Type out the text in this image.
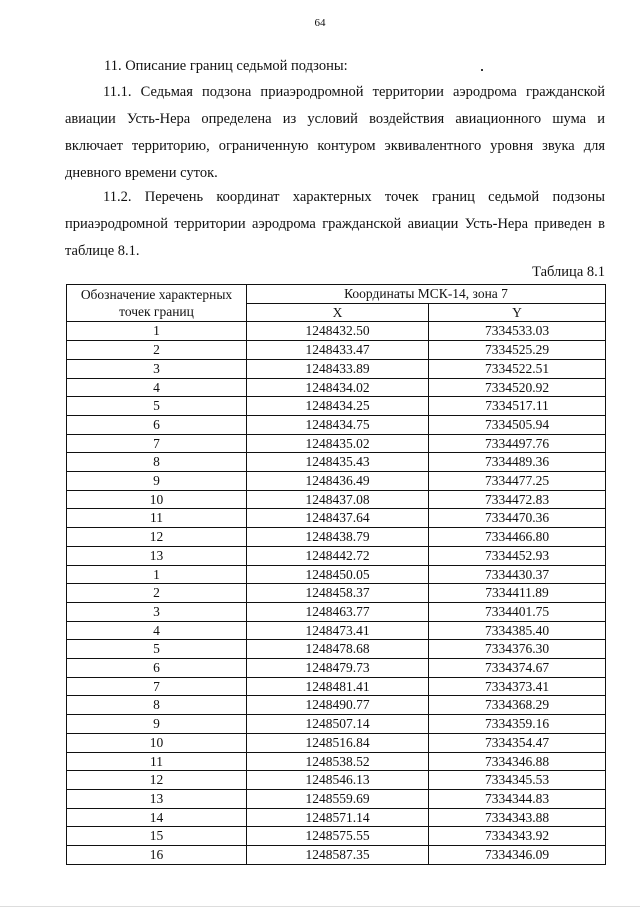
64
11. Описание границ седьмой подзоны:
11.1. Седьмая подзона приаэродромной территории аэродрома гражданской авиации Усть-Нера определена из условий воздействия авиационного шума и включает территорию, ограниченную контуром эквивалентного уровня звука для дневного времени суток.
11.2. Перечень координат характерных точек границ седьмой подзоны приаэродромной территории аэродрома гражданской авиации Усть-Нера приведен в таблице 8.1.
Таблица 8.1
Обозначение характерных точек границ	Координаты МСК-14, зона 7	
	X	Y
1	1248432.50	7334533.03
2	1248433.47	7334525.29
3	1248433.89	7334522.51
4	1248434.02	7334520.92
5	1248434.25	7334517.11
6	1248434.75	7334505.94
7	1248435.02	7334497.76
8	1248435.43	7334489.36
9	1248436.49	7334477.25
10	1248437.08	7334472.83
11	1248437.64	7334470.36
12	1248438.79	7334466.80
13	1248442.72	7334452.93
1	1248450.05	7334430.37
2	1248458.37	7334411.89
3	1248463.77	7334401.75
4	1248473.41	7334385.40
5	1248478.68	7334376.30
6	1248479.73	7334374.67
7	1248481.41	7334373.41
8	1248490.77	7334368.29
9	1248507.14	7334359.16
10	1248516.84	7334354.47
11	1248538.52	7334346.88
12	1248546.13	7334345.53
13	1248559.69	7334344.83
14	1248571.14	7334343.88
15	1248575.55	7334343.92
16	1248587.35	7334346.09
